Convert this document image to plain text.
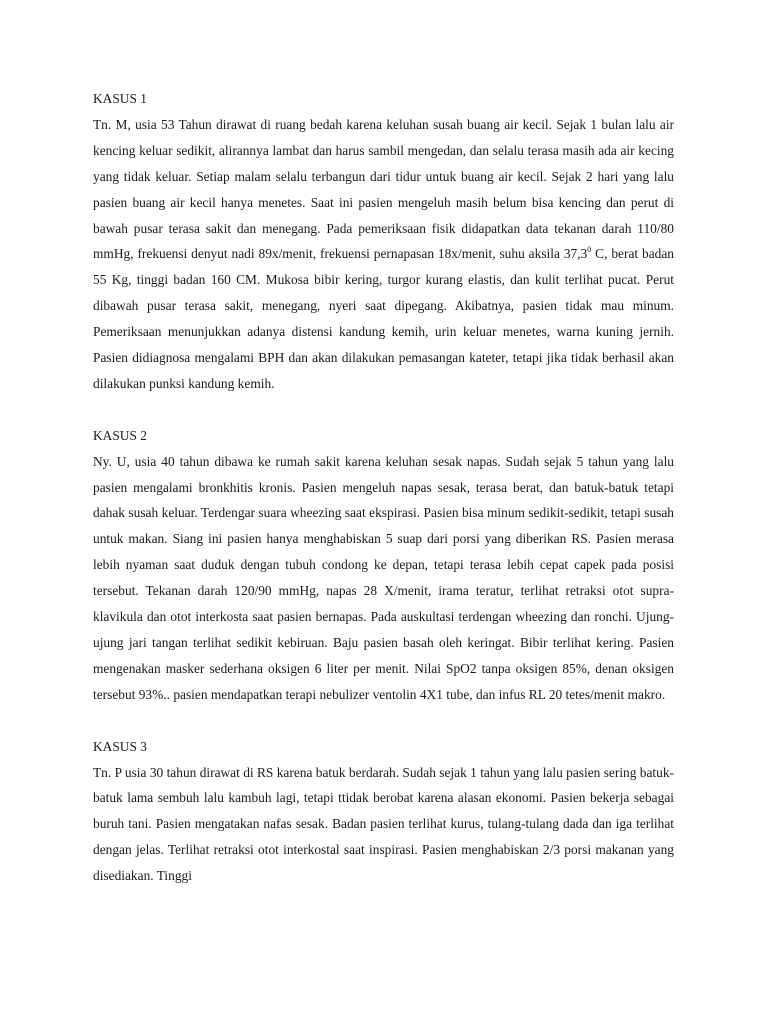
KASUS 1
Tn. M, usia 53 Tahun dirawat di ruang bedah karena keluhan susah buang air kecil. Sejak 1 bulan lalu air kencing keluar sedikit, alirannya lambat dan harus sambil mengedan, dan selalu terasa masih ada air kecing yang tidak keluar. Setiap malam selalu terbangun dari tidur untuk buang air kecil. Sejak 2 hari yang lalu pasien buang air kecil hanya menetes. Saat ini pasien mengeluh masih belum bisa kencing dan perut di bawah pusar terasa sakit dan menegang. Pada pemeriksaan fisik didapatkan data tekanan darah 110/80 mmHg, frekuensi denyut nadi 89x/menit, frekuensi pernapasan 18x/menit, suhu aksila 37,3$^0$ C, berat badan 55 Kg, tinggi badan 160 CM. Mukosa bibir kering, turgor kurang elastis, dan kulit terlihat pucat. Perut dibawah pusar terasa sakit, menegang, nyeri saat dipegang. Akibatnya, pasien tidak mau minum. Pemeriksaan menunjukkan adanya distensi kandung kemih, urin keluar menetes, warna kuning jernih. Pasien didiagnosa mengalami BPH dan akan dilakukan pemasangan kateter, tetapi jika tidak berhasil akan dilakukan punksi kandung kemih.
KASUS 2
Ny. U, usia 40 tahun dibawa ke rumah sakit karena keluhan sesak napas. Sudah sejak 5 tahun yang lalu pasien mengalami bronkhitis kronis. Pasien mengeluh napas sesak, terasa berat, dan batuk-batuk tetapi dahak susah keluar. Terdengar suara wheezing saat ekspirasi. Pasien bisa minum sedikit-sedikit, tetapi susah untuk makan. Siang ini pasien hanya menghabiskan 5 suap dari porsi yang diberikan RS. Pasien merasa lebih nyaman saat duduk dengan tubuh condong ke depan, tetapi terasa lebih cepat capek pada posisi tersebut. Tekanan darah 120/90 mmHg, napas 28 X/menit, irama teratur, terlihat retraksi otot supra-klavikula dan otot interkosta saat pasien bernapas. Pada auskultasi terdengan wheezing dan ronchi. Ujung-ujung jari tangan terlihat sedikit kebiruan. Baju pasien basah oleh keringat. Bibir terlihat kering. Pasien mengenakan masker sederhana oksigen 6 liter per menit. Nilai SpO2 tanpa oksigen 85%, denan oksigen tersebut 93%.. pasien mendapatkan terapi nebulizer ventolin 4X1 tube, dan infus RL 20 tetes/menit makro.
KASUS 3
Tn. P usia 30 tahun dirawat di RS karena batuk berdarah. Sudah sejak 1 tahun yang lalu pasien sering batuk-batuk lama sembuh lalu kambuh lagi, tetapi ttidak berobat karena alasan ekonomi. Pasien bekerja sebagai buruh tani. Pasien mengatakan nafas sesak. Badan pasien terlihat kurus, tulang-tulang dada dan iga terlihat dengan jelas. Terlihat retraksi otot interkostal saat inspirasi. Pasien menghabiskan 2/3 porsi makanan yang disediakan. Tinggi
